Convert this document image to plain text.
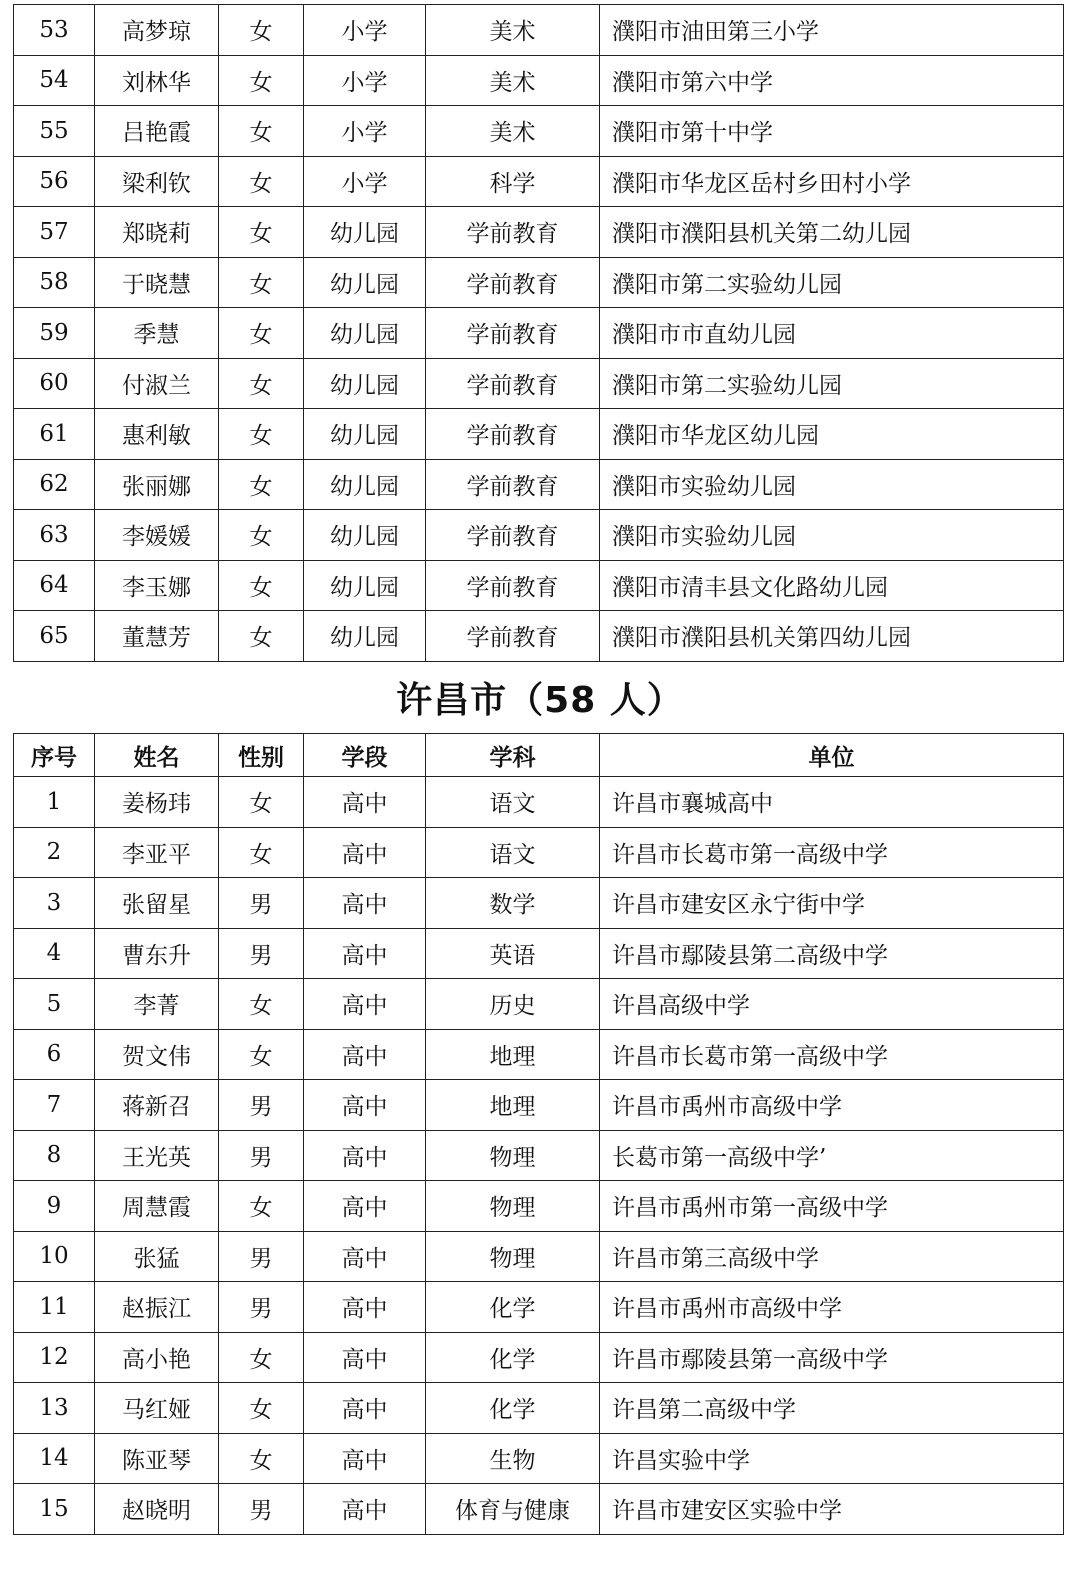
53	高梦琼	女	小学	美术	濮阳市油田第三小学
54	刘林华	女	小学	美术	濮阳市第六中学
55	吕艳霞	女	小学	美术	濮阳市第十中学
56	梁利钦	女	小学	科学	濮阳市华龙区岳村乡田村小学
57	郑晓莉	女	幼儿园	学前教育	濮阳市濮阳县机关第二幼儿园
58	于晓慧	女	幼儿园	学前教育	濮阳市第二实验幼儿园
59	季慧	女	幼儿园	学前教育	濮阳市市直幼儿园
60	付淑兰	女	幼儿园	学前教育	濮阳市第二实验幼儿园
61	惠利敏	女	幼儿园	学前教育	濮阳市华龙区幼儿园
62	张丽娜	女	幼儿园	学前教育	濮阳市实验幼儿园
63	李媛媛	女	幼儿园	学前教育	濮阳市实验幼儿园
64	李玉娜	女	幼儿园	学前教育	濮阳市清丰县文化路幼儿园
65	董慧芳	女	幼儿园	学前教育	濮阳市濮阳县机关第四幼儿园
许昌市（58 人）
序号	姓名	性别	学段	学科	单位
1	姜杨玮	女	高中	语文	许昌市襄城高中
2	李亚平	女	高中	语文	许昌市长葛市第一高级中学
3	张留星	男	高中	数学	许昌市建安区永宁街中学
4	曹东升	男	高中	英语	许昌市鄢陵县第二高级中学
5	李菁	女	高中	历史	许昌高级中学
6	贺文伟	女	高中	地理	许昌市长葛市第一高级中学
7	蒋新召	男	高中	地理	许昌市禹州市高级中学
8	王光英	男	高中	物理	长葛市第一高级中学’
9	周慧霞	女	高中	物理	许昌市禹州市第一高级中学
10	张猛	男	高中	物理	许昌市第三高级中学
11	赵振江	男	高中	化学	许昌市禹州市高级中学
12	高小艳	女	高中	化学	许昌市鄢陵县第一高级中学
13	马红娅	女	高中	化学	许昌第二高级中学
14	陈亚琴	女	高中	生物	许昌实验中学
15	赵晓明	男	高中	体育与健康	许昌市建安区实验中学
